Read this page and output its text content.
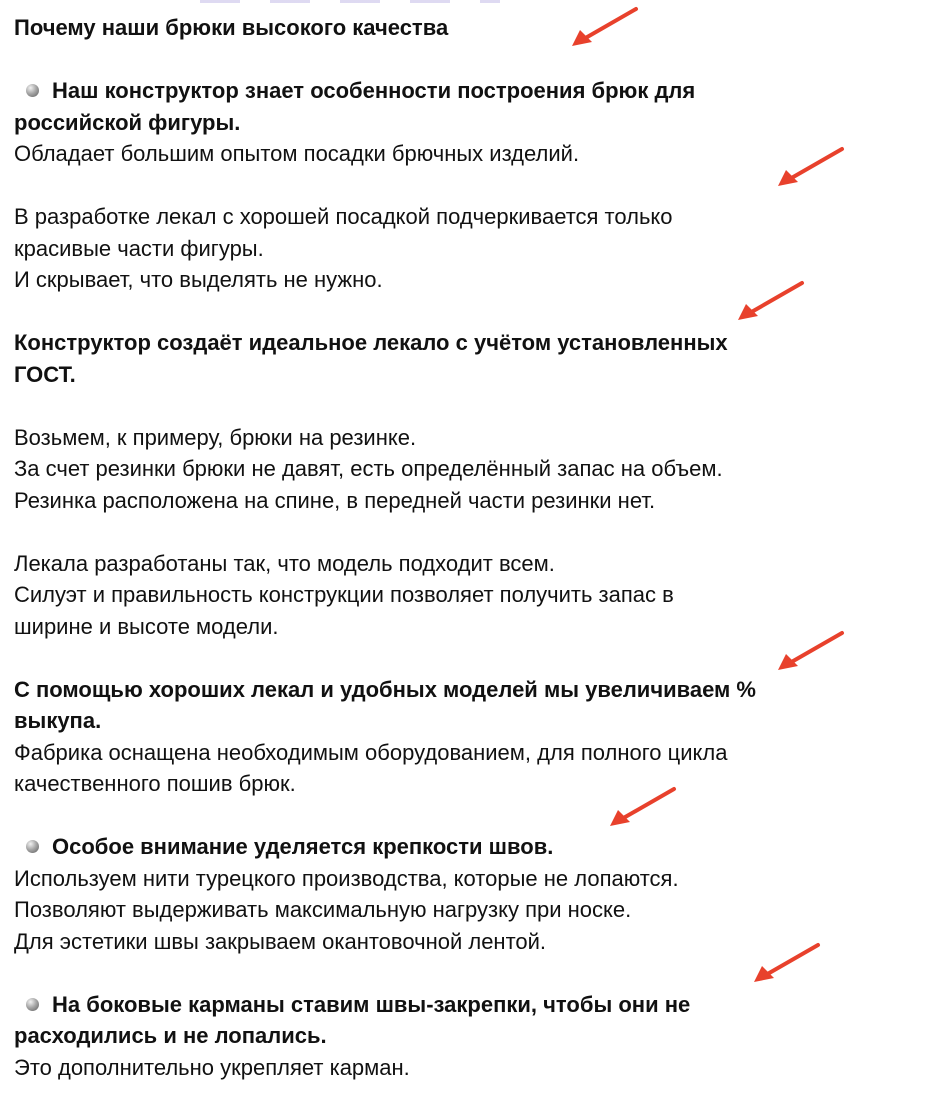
Почему наши брюки высокого качества

Наш конструктор знает особенности построения брюк для

российской фигуры.

Обладает большим опытом посадки брючных изделий.

В разработке лекал с хорошей посадкой подчеркивается только

красивые части фигуры.

И скрывает, что выделять не нужно.

Конструктор создаёт идеальное лекало с учётом установленных

ГОСТ.

Возьмем, к примеру, брюки на резинке.

За счет резинки брюки не давят, есть определённый запас на объем.

Резинка расположена на спине, в передней части резинки нет.

Лекала разработаны так, что модель подходит всем.

Силуэт и правильность конструкции позволяет получить запас в

ширине и высоте модели.

С помощью хороших лекал и удобных моделей мы увеличиваем %

выкупа.

Фабрика оснащена необходимым оборудованием, для полного цикла

качественного пошив брюк.

Особое внимание уделяется крепкости швов.

Используем нити турецкого производства, которые не лопаются.

Позволяют выдерживать максимальную нагрузку при носке.

Для эстетики швы закрываем окантовочной лентой.

На боковые карманы ставим швы-закрепки, чтобы они не

расходились и не лопались.

Это дополнительно укрепляет карман.
